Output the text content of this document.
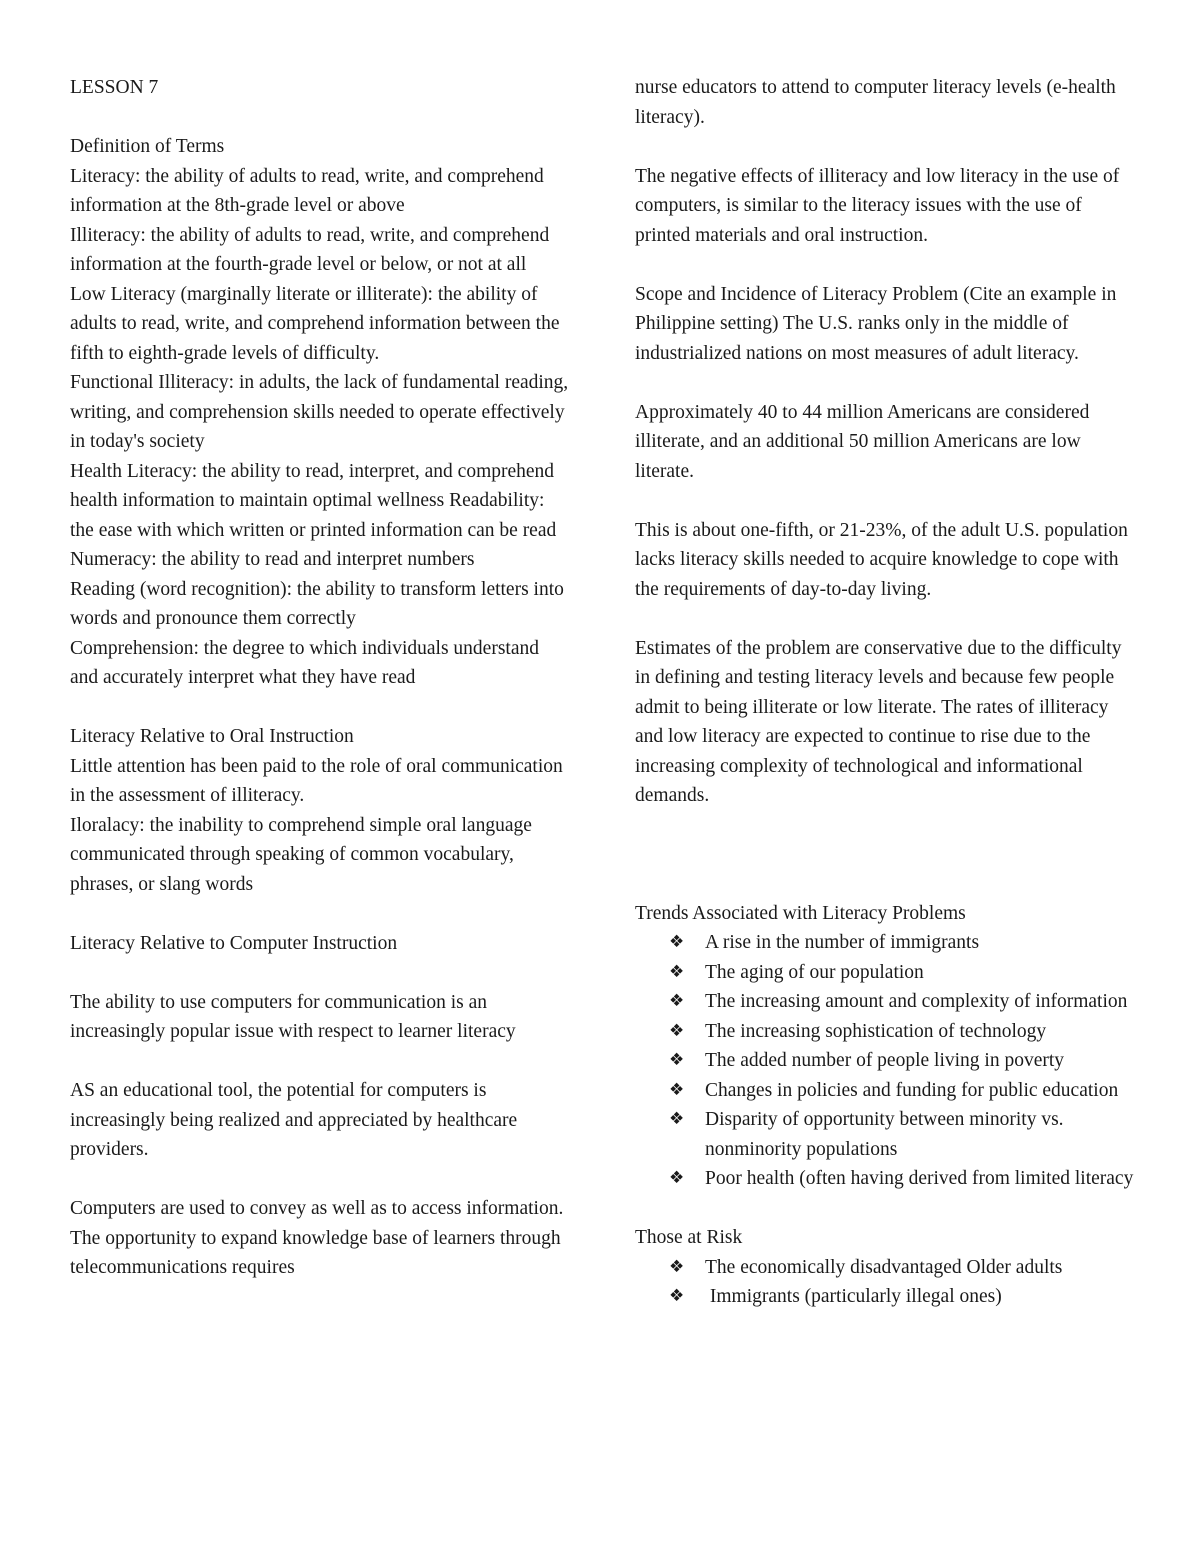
LESSON 7

Definition of Terms

Literacy: the ability of adults to read, write, and comprehend information at the 8th-grade level or above

Illiteracy: the ability of adults to read, write, and comprehend information at the fourth-grade level or below, or not at all

Low Literacy (marginally literate or illiterate): the ability of adults to read, write, and comprehend information between the fifth to eighth-grade levels of difficulty.

Functional Illiteracy: in adults, the lack of fundamental reading, writing, and comprehension skills needed to operate effectively in today's society

Health Literacy: the ability to read, interpret, and comprehend health information to maintain optimal wellness Readability: the ease with which written or printed information can be read

Numeracy: the ability to read and interpret numbers

Reading (word recognition): the ability to transform letters into words and pronounce them correctly

Comprehension: the degree to which individuals understand and accurately interpret what they have read

Literacy Relative to Oral Instruction

Little attention has been paid to the role of oral communication in the assessment of illiteracy.

Iloralacy: the inability to comprehend simple oral language communicated through speaking of common vocabulary, phrases, or slang words

Literacy Relative to Computer Instruction

The ability to use computers for communication is an increasingly popular issue with respect to learner literacy

AS an educational tool, the potential for computers is increasingly being realized and appreciated by healthcare providers.

Computers are used to convey as well as to access information. The opportunity to expand knowledge base of learners through telecommunications requires

nurse educators to attend to computer literacy levels (e-health literacy).

The negative effects of illiteracy and low literacy in the use of computers, is similar to the literacy issues with the use of printed materials and oral instruction.

Scope and Incidence of Literacy Problem (Cite an example in Philippine setting) The U.S. ranks only in the middle of industrialized nations on most measures of adult literacy.

Approximately 40 to 44 million Americans are considered illiterate, and an additional 50 million Americans are low literate.

This is about one-fifth, or 21-23%, of the adult U.S. population lacks literacy skills needed to acquire knowledge to cope with the requirements of day-to-day living.

Estimates of the problem are conservative due to the difficulty in defining and testing literacy levels and because few people admit to being illiterate or low literate. The rates of illiteracy and low literacy are expected to continue to rise due to the increasing complexity of technological and informational demands.

Trends Associated with Literacy Problems

❖	A rise in the number of immigrants
❖	The aging of our population
❖	The increasing amount and complexity of information
❖	The increasing sophistication of technology
❖	The added number of people living in poverty
❖	Changes in policies and funding for public education
❖	Disparity of opportunity between minority vs. nonminority populations
❖	Poor health (often having derived from limited literacy

Those at Risk

❖	The economically disadvantaged Older adults
❖	Immigrants (particularly illegal ones)
